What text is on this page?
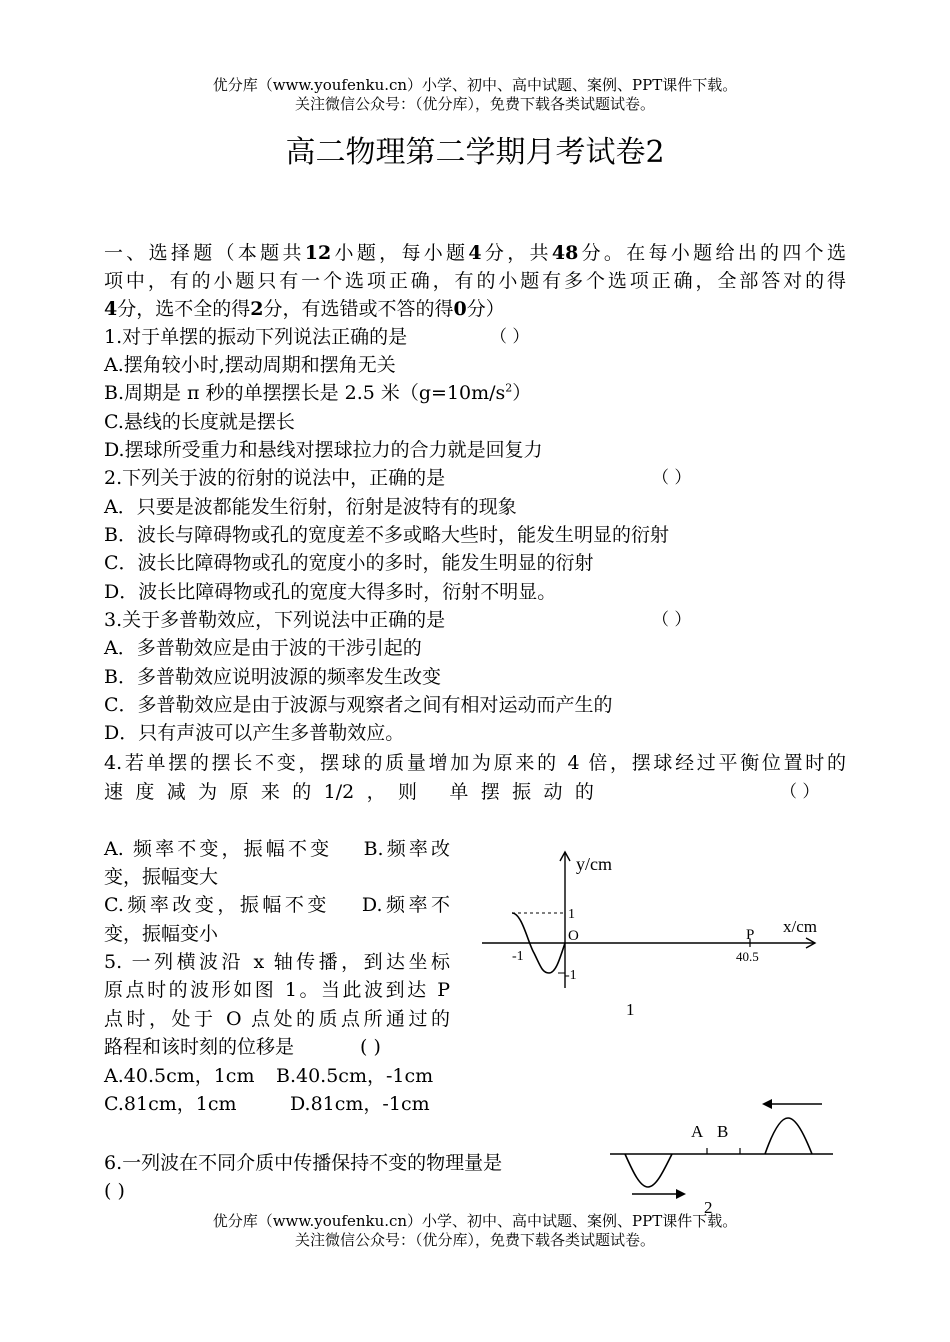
优分库（www.youfenku.cn）小学、初中、高中试题、案例、PPT课件下载。
关注微信公众号：（优分库），免费下载各类试题试卷。
高二物理第二学期月考试卷2
一、选择题（本题共12小题，每小题4分，共48分。在每小题给出的四个选
项中，有的小题只有一个选项正确，有的小题有多个选项正确，全部答对的得
4分，选不全的得2分，有选错或不答的得0分）
1.对于单摆的振动下列说法正确的是	（ ）
A.摆角较小时,摆动周期和摆角无关
B.周期是 π 秒的单摆摆长是 2.5 米$(g=10m/s^2)$
C.悬线的长度就是摆长
D.摆球所受重力和悬线对摆球拉力的合力就是回复力
2.下列关于波的衍射的说法中，正确的是	（ ）
A．只要是波都能发生衍射，衍射是波特有的现象
B．波长与障碍物或孔的宽度差不多或略大些时，能发生明显的衍射
C．波长比障碍物或孔的宽度小的多时，能发生明显的衍射
D．波长比障碍物或孔的宽度大得多时，衍射不明显。
3.关于多普勒效应，下列说法中正确的是	（ ）
A．多普勒效应是由于波的干涉引起的
B．多普勒效应说明波源的频率发生改变
C．多普勒效应是由于波源与观察者之间有相对运动而产生的
D．只有声波可以产生多普勒效应。
4.若单摆的摆长不变，摆球的质量增加为原来的 4 倍，摆球经过平衡位置时的
速 度 减 为 原 来 的 1/2 ， 则 单 摆 振 动 的	（ ）
A. 频率不变，振幅不变　 B.频率改
变，振幅变大
C.频率改变，振幅不变　 D.频率不
变，振幅变小
5. 一列横波沿 x 轴传播，到达坐标
原点时的波形如图 1。当此波到达 P
点时，处于 O 点处的质点所通过的
路程和该时刻的位移是	( )
A.40.5cm，1cm B.40.5cm，-1cm
C.81cm，1cm	D.81cm，-1cm
6.一列波在不同介质中传播保持不变的物理量是
( )
y/cm
x/cm
O
1
-1
-1
P
40.5
1
A B
2
优分库（www.youfenku.cn）小学、初中、高中试题、案例、PPT课件下载。
关注微信公众号：（优分库），免费下载各类试题试卷。
